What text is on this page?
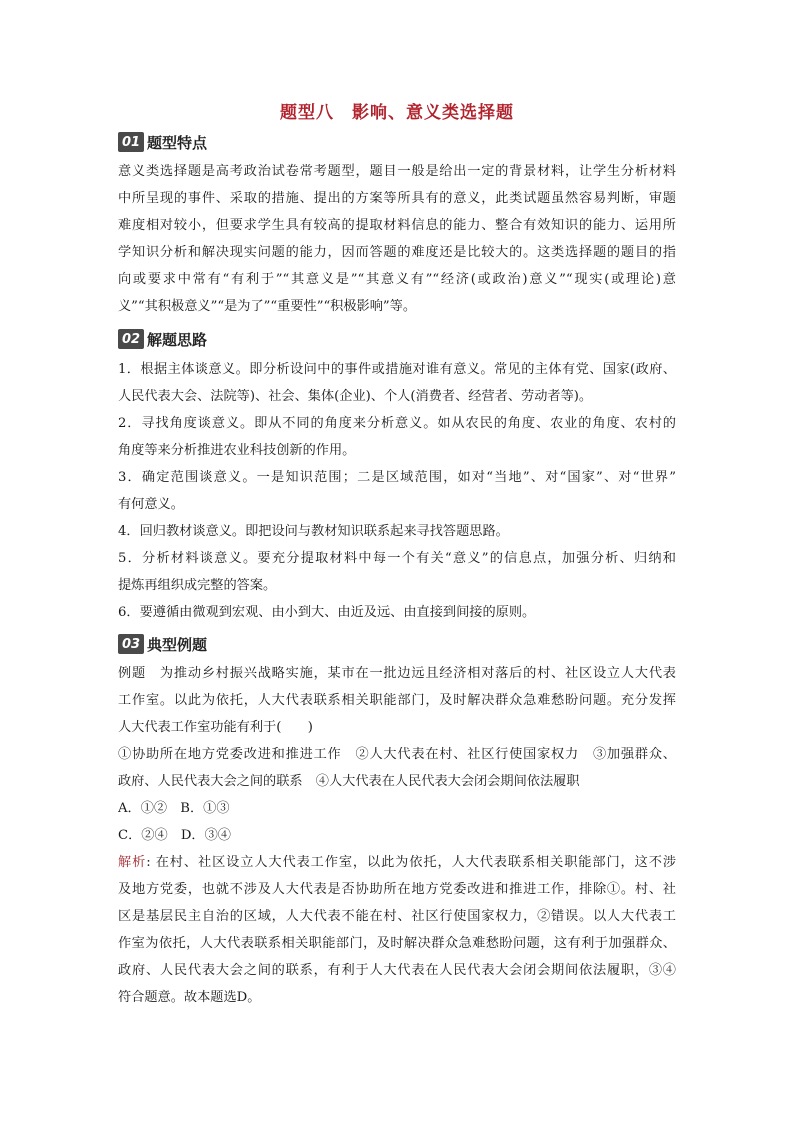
题型八　影响、意义类选择题
01 题型特点
意义类选择题是高考政治试卷常考题型，题目一般是给出一定的背景材料，让学生分析材料
中所呈现的事件、采取的措施、提出的方案等所具有的意义，此类试题虽然容易判断，审题
难度相对较小，但要求学生具有较高的提取材料信息的能力、整合有效知识的能力、运用所
学知识分析和解决现实问题的能力，因而答题的难度还是比较大的。这类选择题的题目的指
向或要求中常有“有利于”“其意义是”“其意义有”“经济(或政治)意义”“现实(或理论)意
义”“其积极意义”“是为了”“重要性”“积极影响”等。
02 解题思路
1．根据主体谈意义。即分析设问中的事件或措施对谁有意义。常见的主体有党、国家(政府、
人民代表大会、法院等)、社会、集体(企业)、个人(消费者、经营者、劳动者等)。
2．寻找角度谈意义。即从不同的角度来分析意义。如从农民的角度、农业的角度、农村的
角度等来分析推进农业科技创新的作用。
3．确定范围谈意义。一是知识范围；二是区域范围，如对“当地”、对“国家”、对“世界”
有何意义。
4．回归教材谈意义。即把设问与教材知识联系起来寻找答题思路。
5．分析材料谈意义。要充分提取材料中每一个有关“意义”的信息点，加强分析、归纳和
提炼再组织成完整的答案。
6．要遵循由微观到宏观、由小到大、由近及远、由直接到间接的原则。
03 典型例题
例题　为推动乡村振兴战略实施，某市在一批边远且经济相对落后的村、社区设立人大代表
工作室。以此为依托，人大代表联系相关职能部门，及时解决群众急难愁盼问题。充分发挥
人大代表工作室功能有利于(　　)
①协助所在地方党委改进和推进工作　②人大代表在村、社区行使国家权力　③加强群众、
政府、人民代表大会之间的联系　④人大代表在人民代表大会闭会期间依法履职
A．①②　B．①③
C．②④　D．③④
解析: 在村、社区设立人大代表工作室，以此为依托，人大代表联系相关职能部门，这不涉
及地方党委，也就不涉及人大代表是否协助所在地方党委改进和推进工作，排除①。村、社
区是基层民主自治的区域，人大代表不能在村、社区行使国家权力，②错误。以人大代表工
作室为依托，人大代表联系相关职能部门，及时解决群众急难愁盼问题，这有利于加强群众、
政府、人民代表大会之间的联系，有利于人大代表在人民代表大会闭会期间依法履职，③④
符合题意。故本题选D。
